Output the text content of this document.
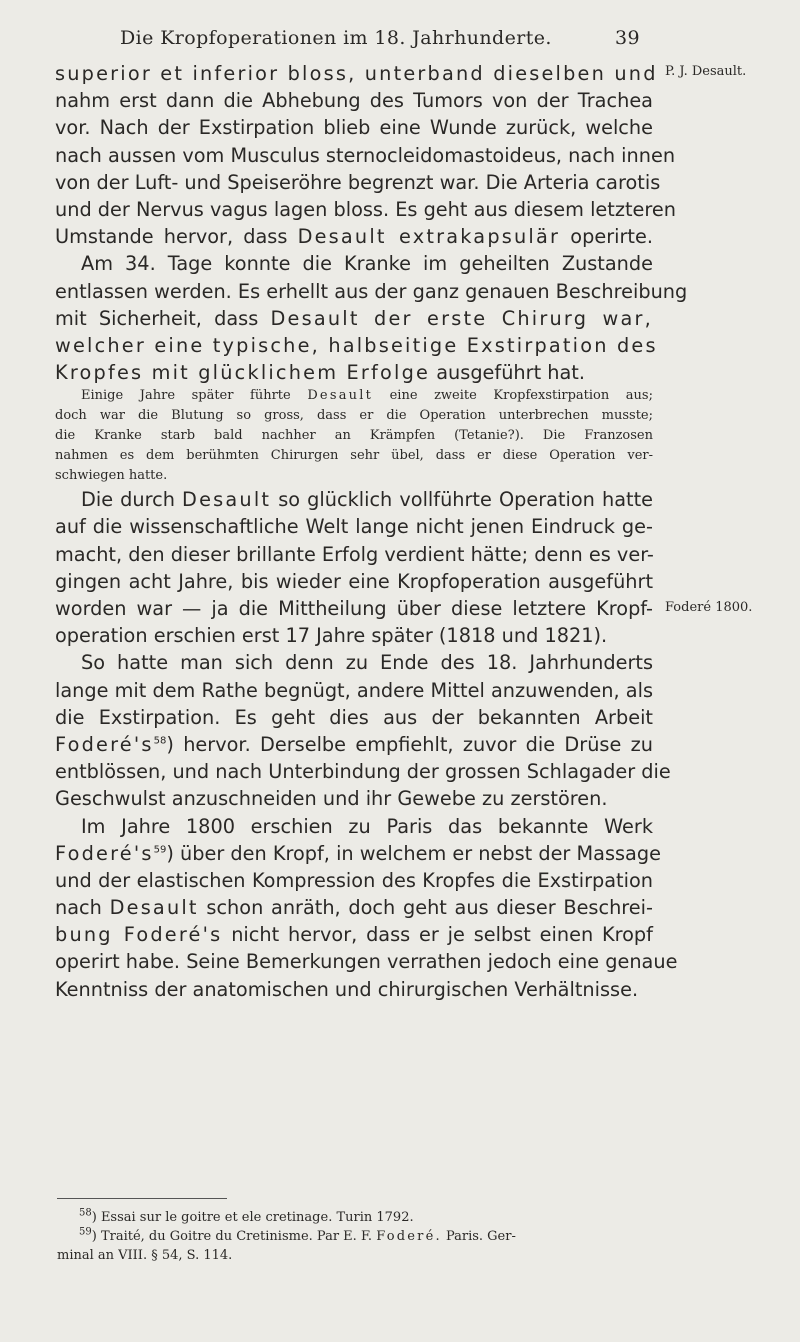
Die Kropfoperationen im 18. Jahrhunderte.	39
P. J. Desault.
Foderé 1800.
superior et inferior bloss, unterband dieselben und
nahm erst dann die Abhebung des Tumors von der Trachea
vor. Nach der Exstirpation blieb eine Wunde zurück, welche
nach aussen vom Musculus sternocleidomastoideus, nach innen
von der Luft- und Speiseröhre begrenzt war. Die Arteria carotis
und der Nervus vagus lagen bloss. Es geht aus diesem letzteren
Umstande hervor, dass Desault extrakapsulär operirte.
Am 34. Tage konnte die Kranke im geheilten Zustande
entlassen werden. Es erhellt aus der ganz genauen Beschreibung
mit Sicherheit, dass Desault der erste Chirurg war,
welcher eine typische, halbseitige Exstirpation des
Kropfes mit glücklichem Erfolge ausgeführt hat.
Einige Jahre später führte Desault eine zweite Kropfexstirpation aus;
doch war die Blutung so gross, dass er die Operation unterbrechen musste;
die Kranke starb bald nachher an Krämpfen (Tetanie?). Die Franzosen
nahmen es dem berühmten Chirurgen sehr übel, dass er diese Operation ver-
schwiegen hatte.
Die durch Desault so glücklich vollführte Operation hatte
auf die wissenschaftliche Welt lange nicht jenen Eindruck ge-
macht, den dieser brillante Erfolg verdient hätte; denn es ver-
gingen acht Jahre, bis wieder eine Kropfoperation ausgeführt
worden war — ja die Mittheilung über diese letztere Kropf-
operation erschien erst 17 Jahre später (1818 und 1821).
So hatte man sich denn zu Ende des 18. Jahrhunderts
lange mit dem Rathe begnügt, andere Mittel anzuwenden, als
die Exstirpation. Es geht dies aus der bekannten Arbeit
$Foderé's^{58}$) hervor. Derselbe empfiehlt, zuvor die Drüse zu
entblössen, und nach Unterbindung der grossen Schlagader die
Geschwulst anzuschneiden und ihr Gewebe zu zerstören.
Im Jahre 1800 erschien zu Paris das bekannte Werk
$Foderé's^{59}$) über den Kropf, in welchem er nebst der Massage
und der elastischen Kompression des Kropfes die Exstirpation
nach Desault schon anräth, doch geht aus dieser Beschrei-
bung Foderé's nicht hervor, dass er je selbst einen Kropf
operirt habe. Seine Bemerkungen verrathen jedoch eine genaue
Kenntniss der anatomischen und chirurgischen Verhältnisse.
$^{58}$) Essai sur le goitre et ele cretinage. Turin 1792.
$^{59}$) Traité, du Goitre du Cretinisme. Par E. F. Foderé. Paris. Ger-
minal an VIII. § 54, S. 114.
